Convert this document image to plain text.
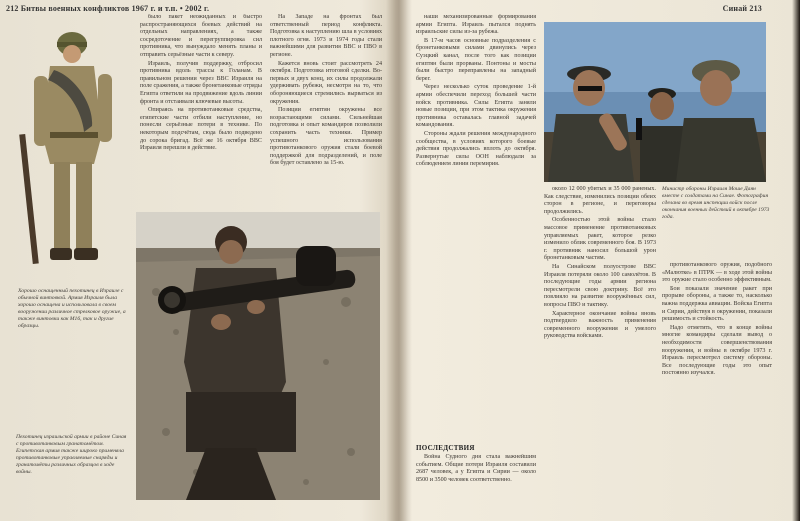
212 Битвы военных конфликтов 1967 г. и т.п. • 2002 г.
Хорошо оснащенный пехотинец в Израиле с обычной винтовкой. Армия Израиля была хорошо оснащена и использовала в своем вооружении различное стрелковое оружие, а также винтовки как М16, так и другие образцы.

было пакет неожиданных и быстро распространяющихся боевых действий на отдельных направлениях, а также сосредоточение и перегруппировка сил противника, что вынуждало менять планы и отправить серьёзные части к северу.

Израиль, получив поддержку, отбросил противника вдоль трассы к Голанам. В правильном решении через ВВС Израиля на поле сражения, а также бронетанковые отряды Египта ответили на продвижение вдоль линии фронта и отстаивали ключевые высоты.

Опираясь на противотанковые средства, египетские части отбили наступление, но понесли серьёзные потери в технике. По некоторым подсчётам, сюда было подведено до сорока бригад. Всё же 16 октября ВВС Израиля перешли в действие.

На Западе на фронтах был ответственный период конфликта. Подготовка к наступлению шла в условиях плотного огня. 1973 и 1974 годы стали важнейшими для развития ВВС и ПВО в регионе.

Кажется вновь стоит рассмотреть 24 октября. Подготовка итоговой сделки. Во-первых и двух конц, их силы продолжали удерживать рубежи, несмотря на то, что обороняющиеся стремились вырваться из окружения.

Позиции египтян окружены все возрастающими силами. Сильнейшая подготовка и опыт командиров позволили сохранить часть техники. Пример успешного использования противотанкового оружия стали боевой поддержкой для подразделений, и поле боя будет оставлено за 15-ю.

Пехотинец израильской армии в районе Синая с противотанковым гранатомётом. Египетская армия также широко применяла противотанковые управляемые снаряды и гранатомёты различных образцов в ходе войны.
Синай 213

наши механизированные формирования армии Египта. Израиль пытался поднять израильские силы из-за рубежа.

В 17-м часов основные подразделения с бронетанковыми силами двинулись через Суэцкий канал, после того как позиции египтян были прорваны. Понтоны и мосты были быстро переправлены на западный берег.

Через несколько суток проведение 1-й армии обеспечили переход большей части войск противника. Силы Египта заняли новые позиции, при этом тактика окружения противника оставалась главной задачей командования.

Стороны ждали решения международного сообщества, в условиях которого боевые действия продолжались вплоть до октября. Развернутые силы ООН наблюдали за соблюдением линии перемирия.

ПОСЛЕДСТВИЯ

Война Судного дня стала важнейшим событием. Общие потери Израиля составили 2687 человек, а у Египта и Сирии — около 8500 и 3500 человек соответственно.

Министр обороны Израиля Моше Даян вместе с солдатами на Синае. Фотография сделана во время инспекции войск после окончания военных действий в октябре 1973 года.

около 12 000 убитых и 35 000 раненых. Как следствие, изменились позиции обеих сторон в регионе, и переговоры продолжились.

Особенностью этой войны стало массовое применение противотанковых управляемых ракет, которое резко изменило облик современного боя. В 1973 г. противник наносил большой урон бронетанковым частям.

На Синайском полуострове ВВС Израиля потеряли около 100 самолётов. В последующие годы армии региона пересмотрели свою доктрину. Всё это повлияло на развитие вооружённых сил, вопросы ПВО и тактику.

Характерное окончание войны вновь подтвердило важность применения современного вооружения и умелого руководства войсками.

противотанкового оружия, подобного «Малютке» в ПТРК — в ходе этой войны это оружие стало особенно эффективным.

Бои показали значение ракет при прорыве обороны, а также то, насколько важна поддержка авиации. Войска Египта и Сирии, действуя в окружении, показали решимость и стойкость.

Надо отметить, что в конце войны многие командиры сделали вывод о необходимости совершенствования вооружения, и войны в октябре 1973 г. Израиль пересмотрел систему обороны. Все последующие годы это опыт постоянно изучался.
